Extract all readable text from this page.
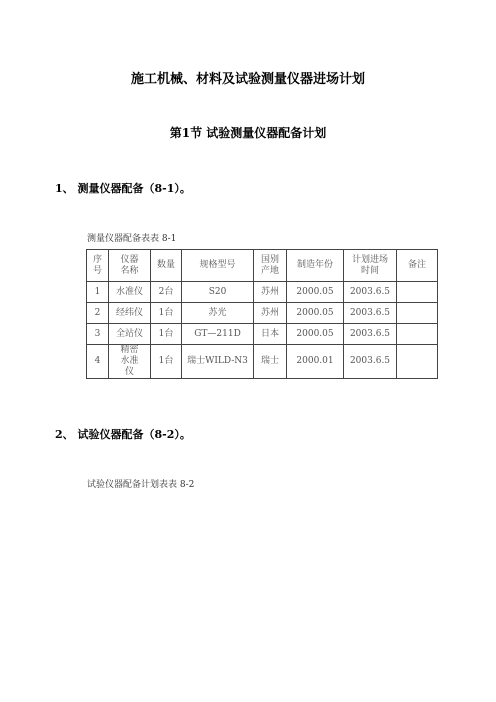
施工机械、材料及试验测量仪器进场计划
第1节 试验测量仪器配备计划

1、 测量仪器配备（8-1）。

测量仪器配备表表 8-1

序号	仪器名称	数量	规格型号	国别产地	制造年份	计划进场时间	备注
1	水准仪	2台	S20	苏州	2000.05	2003.6.5	
2	经纬仪	1台	苏光	苏州	2000.05	2003.6.5	
3	全站仪	1台	GT—211D	日本	2000.05	2003.6.5	
4	精密水准仪	1台	瑞士WILD-N3	瑞士	2000.01	2003.6.5	

2、 试验仪器配备（8-2）。

试验仪器配备计划表表 8-2
